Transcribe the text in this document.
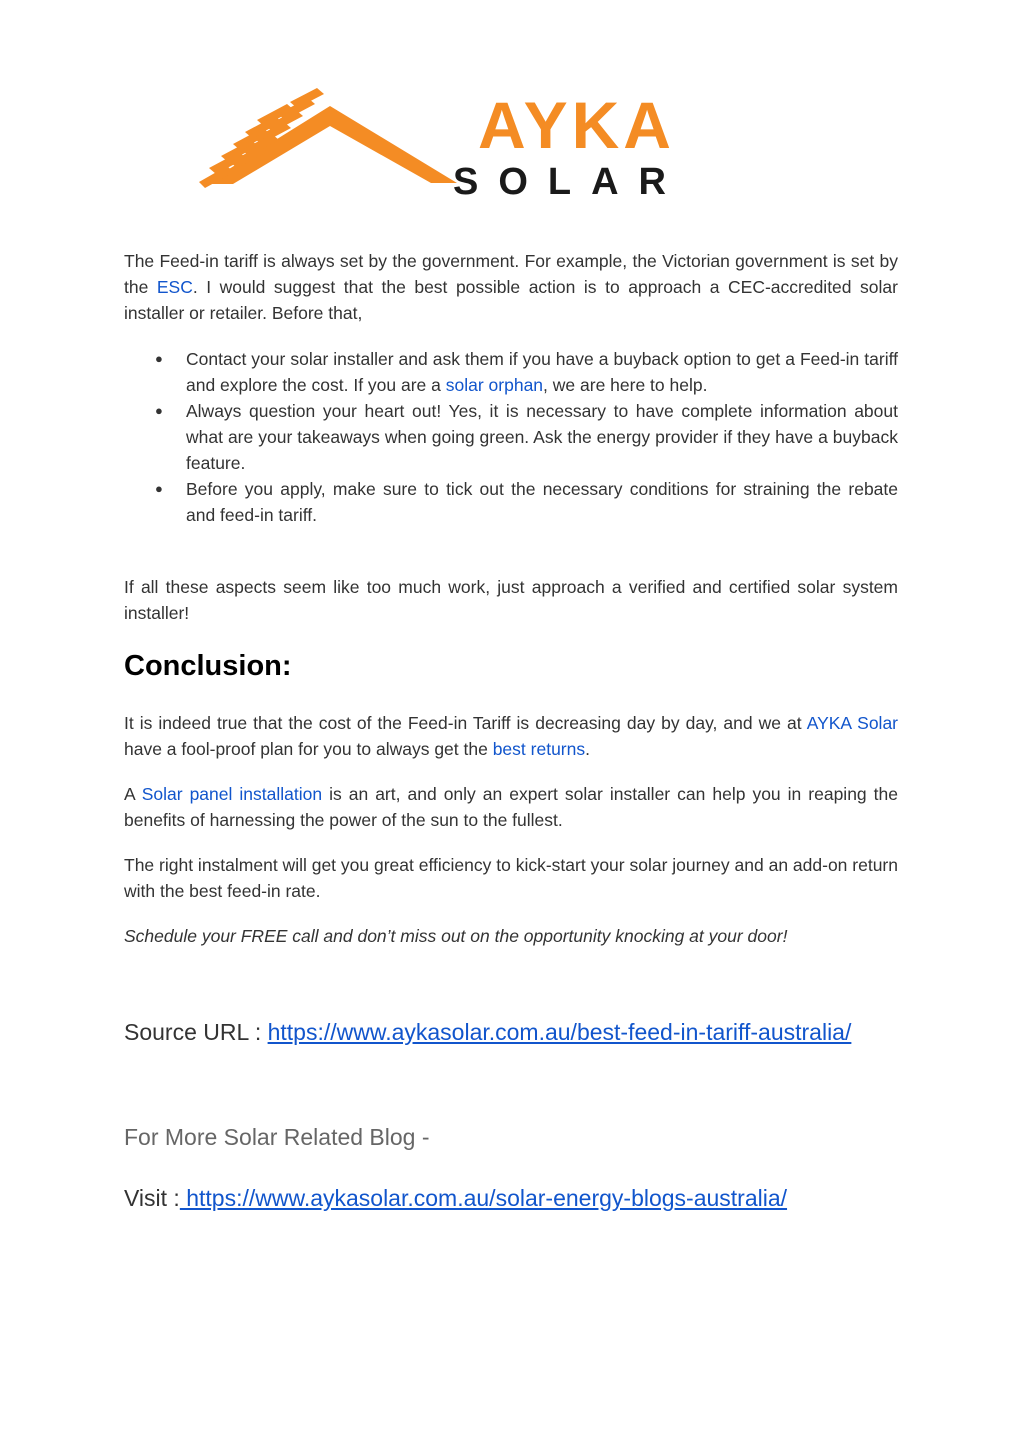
AYKA
SOLAR

The Feed-in tariff is always set by the government. For example, the Victorian government is set by the ESC. I would suggest that the best possible action is to approach a CEC-accredited solar installer or retailer. Before that,

● Contact your solar installer and ask them if you have a buyback option to get a Feed-in tariff and explore the cost. If you are a solar orphan, we are here to help.
● Always question your heart out! Yes, it is necessary to have complete information about what are your takeaways when going green. Ask the energy provider if they have a buyback feature.
● Before you apply, make sure to tick out the necessary conditions for straining the rebate and feed-in tariff.

If all these aspects seem like too much work, just approach a verified and certified solar system installer!

Conclusion:

It is indeed true that the cost of the Feed-in Tariff is decreasing day by day, and we at AYKA Solar have a fool-proof plan for you to always get the best returns.

A Solar panel installation is an art, and only an expert solar installer can help you in reaping the benefits of harnessing the power of the sun to the fullest.

The right instalment will get you great efficiency to kick-start your solar journey and an add-on return with the best feed-in rate.

Schedule your FREE call and don’t miss out on the opportunity knocking at your door!

Source URL : https://www.aykasolar.com.au/best-feed-in-tariff-australia/
For More Solar Related Blog -
Visit : https://www.aykasolar.com.au/solar-energy-blogs-australia/
